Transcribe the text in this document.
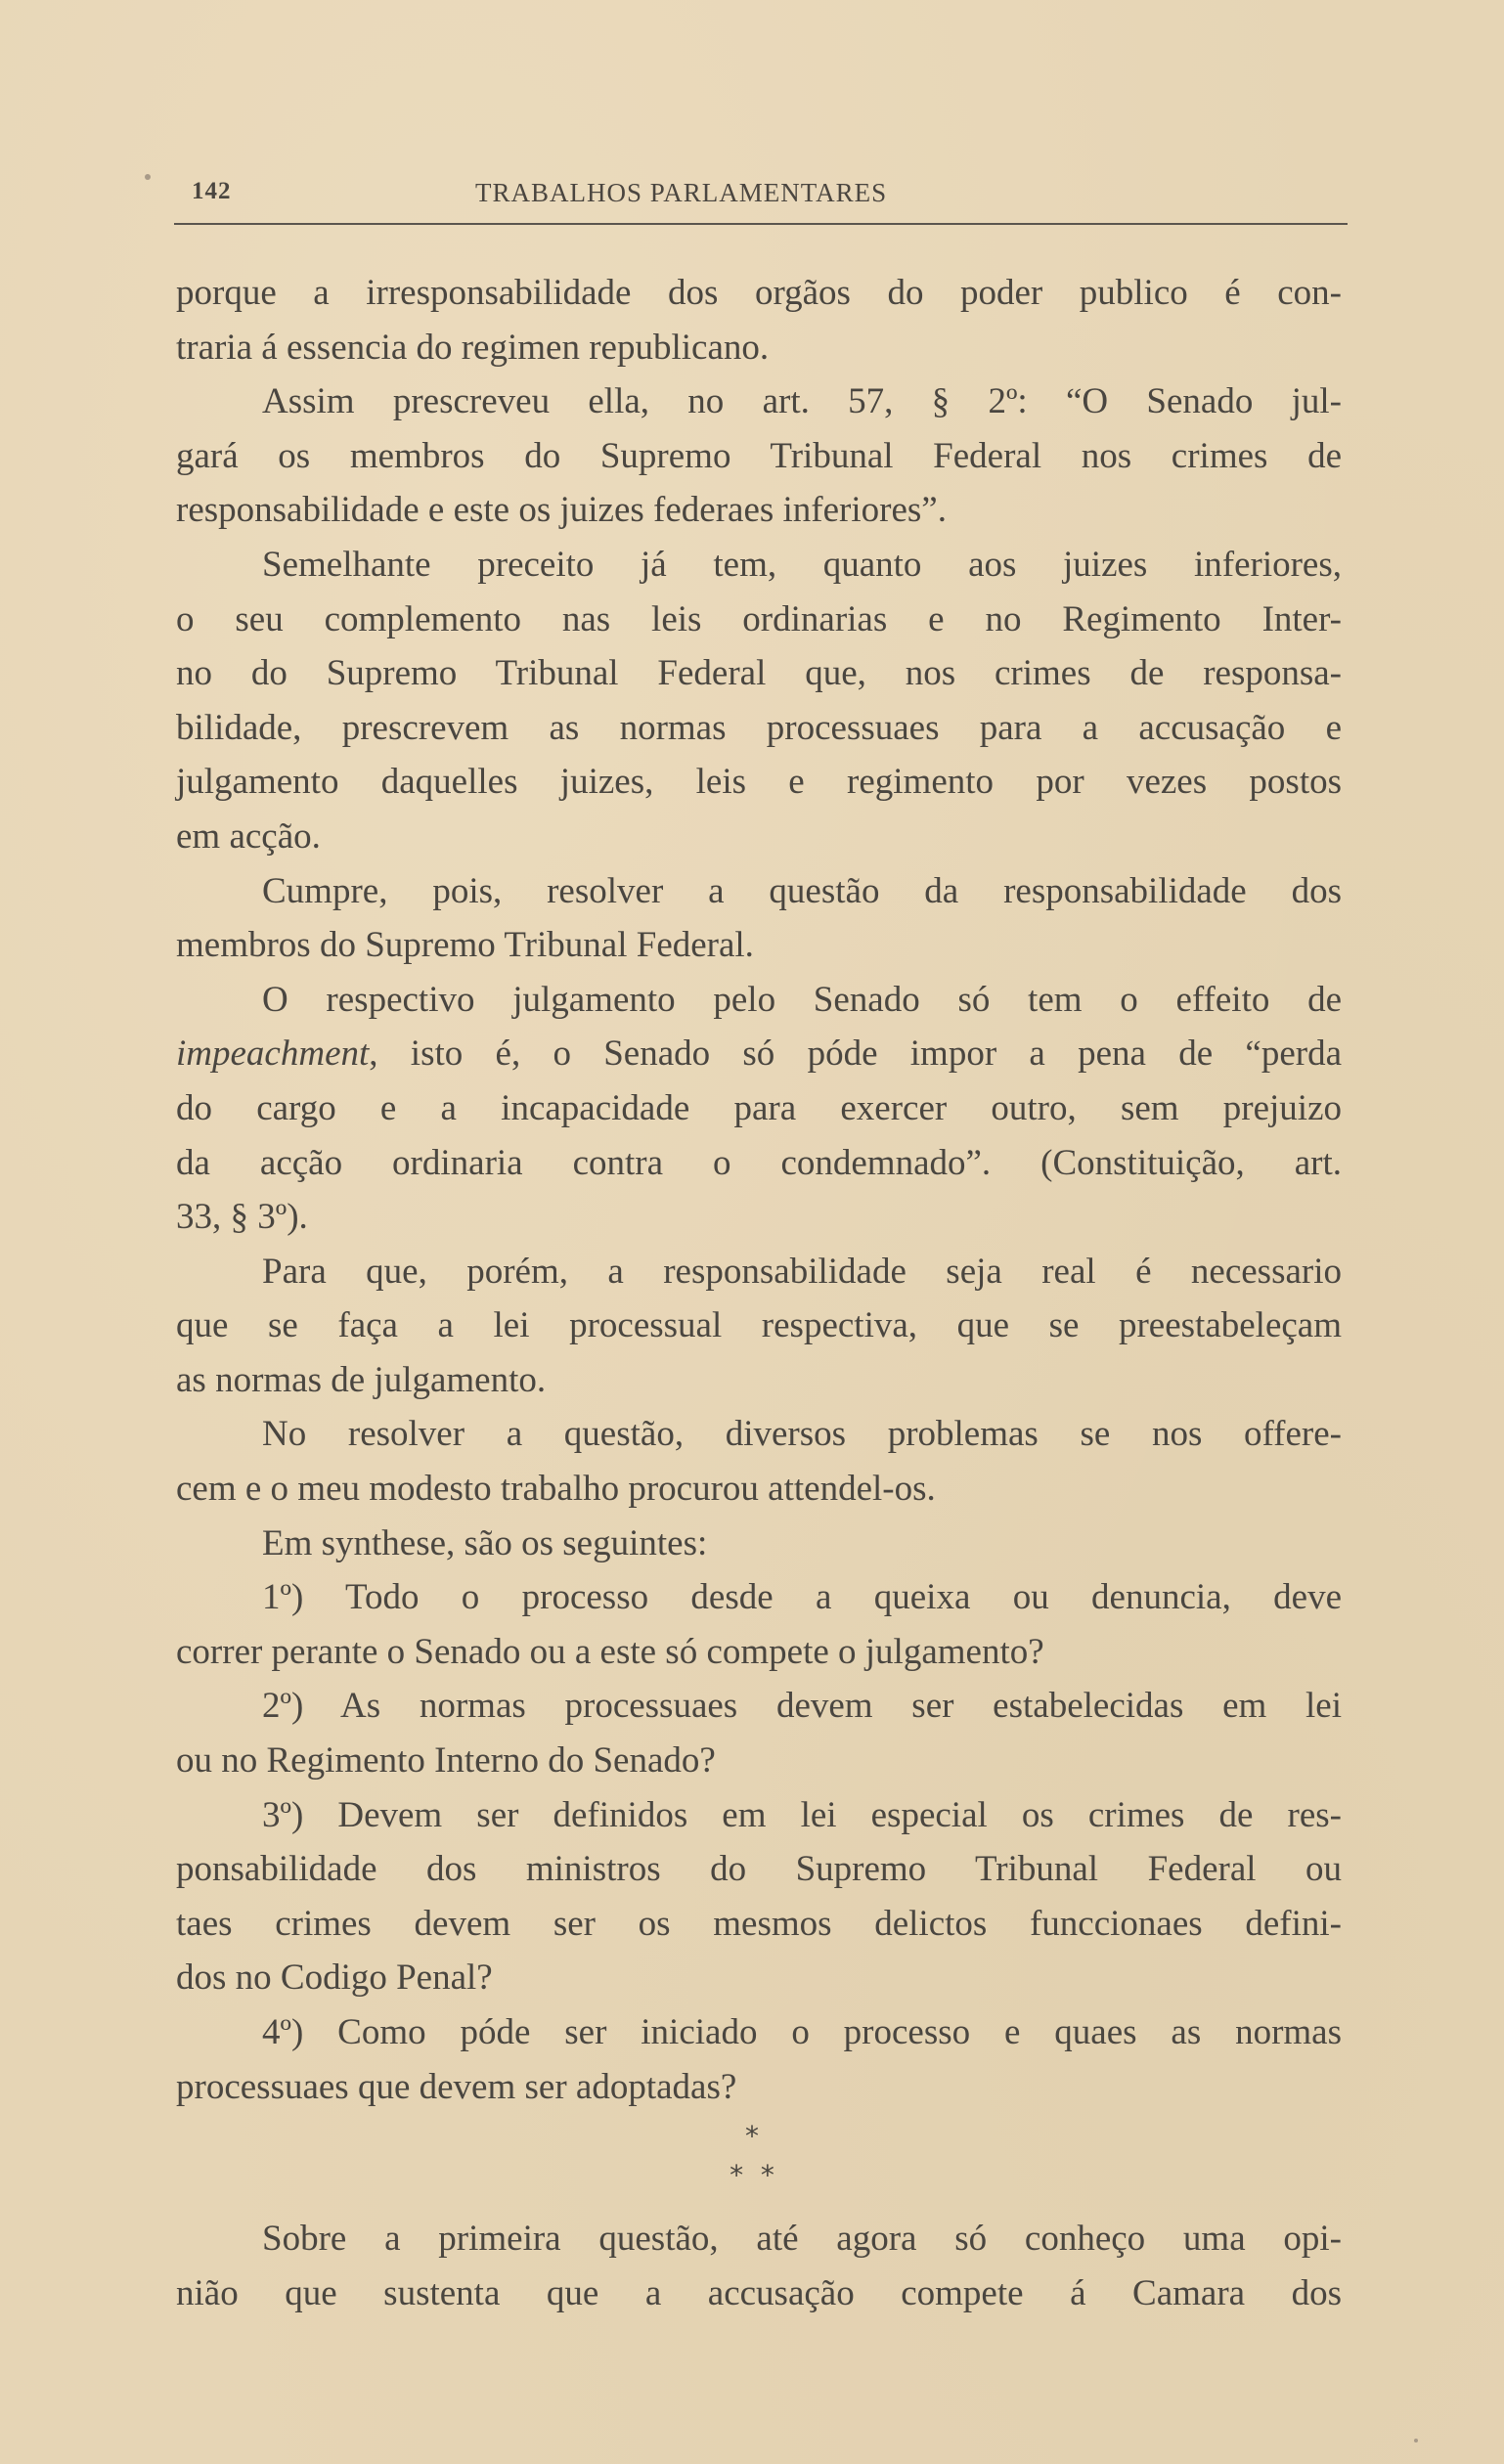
142	TRABALHOS PARLAMENTARES
porque a irresponsabilidade dos orgãos do poder publico é con-
traria á essencia do regimen republicano.
Assim prescreveu ella, no art. 57, § 2º: “O Senado jul-
gará os membros do Supremo Tribunal Federal nos crimes de
responsabilidade e este os juizes federaes inferiores”.
Semelhante preceito já tem, quanto aos juizes inferiores,
o seu complemento nas leis ordinarias e no Regimento Inter-
no do Supremo Tribunal Federal que, nos crimes de responsa-
bilidade, prescrevem as normas processuaes para a accusação e
julgamento daquelles juizes, leis e regimento por vezes postos
em acção.
Cumpre, pois, resolver a questão da responsabilidade dos
membros do Supremo Tribunal Federal.
O respectivo julgamento pelo Senado só tem o effeito de
impeachment, isto é, o Senado só póde impor a pena de “perda
do cargo e a incapacidade para exercer outro, sem prejuizo
da acção ordinaria contra o condemnado”. (Constituição, art.
33, § 3º).
Para que, porém, a responsabilidade seja real é necessario
que se faça a lei processual respectiva, que se preestabeleçam
as normas de julgamento.
No resolver a questão, diversos problemas se nos offere-
cem e o meu modesto trabalho procurou attendel-os.
Em synthese, são os seguintes:
1º) Todo o processo desde a queixa ou denuncia, deve
correr perante o Senado ou a este só compete o julgamento?
2º) As normas processuaes devem ser estabelecidas em lei
ou no Regimento Interno do Senado?
3º) Devem ser definidos em lei especial os crimes de res-
ponsabilidade dos ministros do Supremo Tribunal Federal ou
taes crimes devem ser os mesmos delictos funccionaes defini-
dos no Codigo Penal?
4º) Como póde ser iniciado o processo e quaes as normas
processuaes que devem ser adoptadas?
*
*  *
Sobre a primeira questão, até agora só conheço uma opi-
nião que sustenta que a accusação compete á Camara dos
